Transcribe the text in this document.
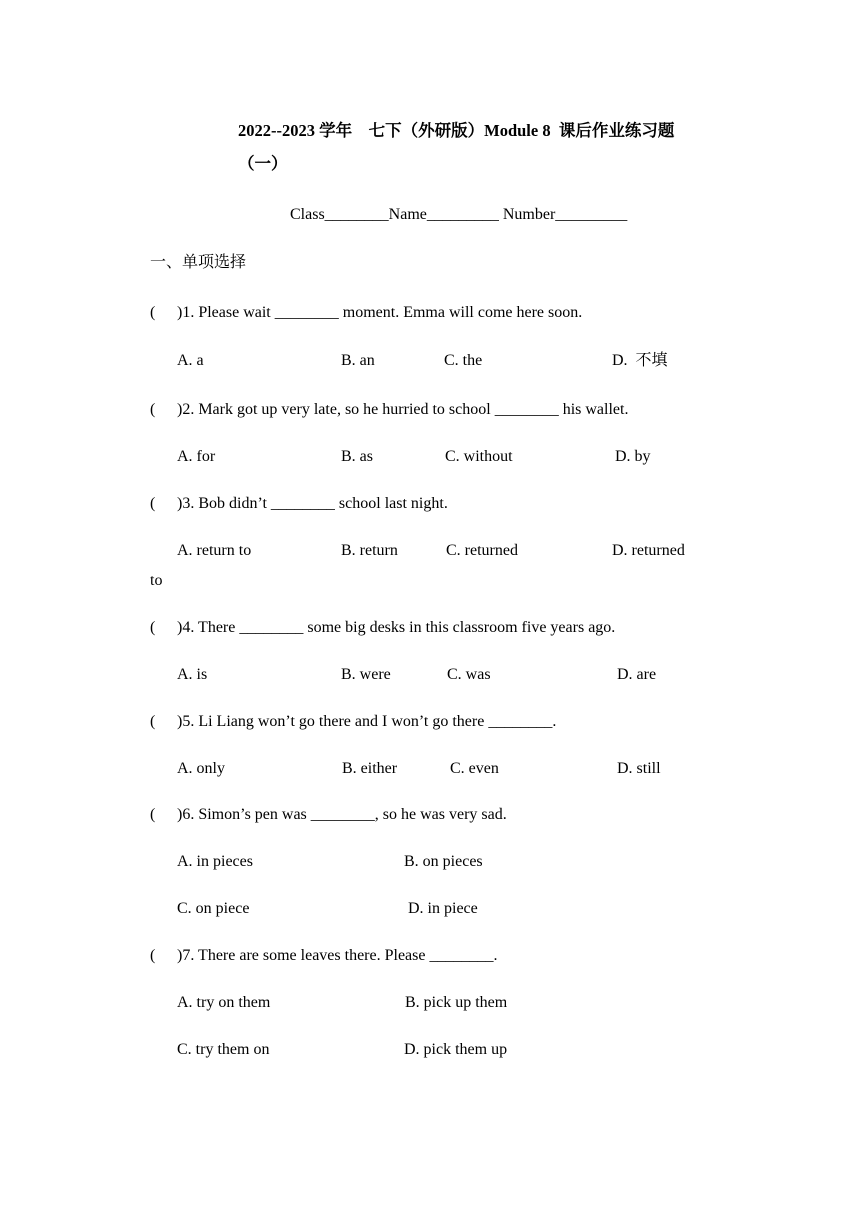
2022--2023 学年　七下（外研版）Module 8  课后作业练习题
（一）
Class________Name_________ Number_________
一、单项选择
( )1. Please wait ________ moment. Emma will come here soon.
A. a	B. an	C. the	D.  不填
( )2. Mark got up very late, so he hurried to school ________ his wallet.
A. for	B. as	C. without	D. by
( )3. Bob didn’t ________ school last night.
A. return to	B. return	C. returned	D. returned
to
( )4. There ________ some big desks in this classroom five years ago.
A. is	B. were	C. was	D. are
( )5. Li Liang won’t go there and I won’t go there ________.
A. only	B. either	C. even	D. still
( )6. Simon’s pen was ________, so he was very sad.
A. in pieces	B. on pieces
C. on piece	D. in piece
( )7. There are some leaves there. Please ________.
A. try on them	B. pick up them
C. try them on	D. pick them up
